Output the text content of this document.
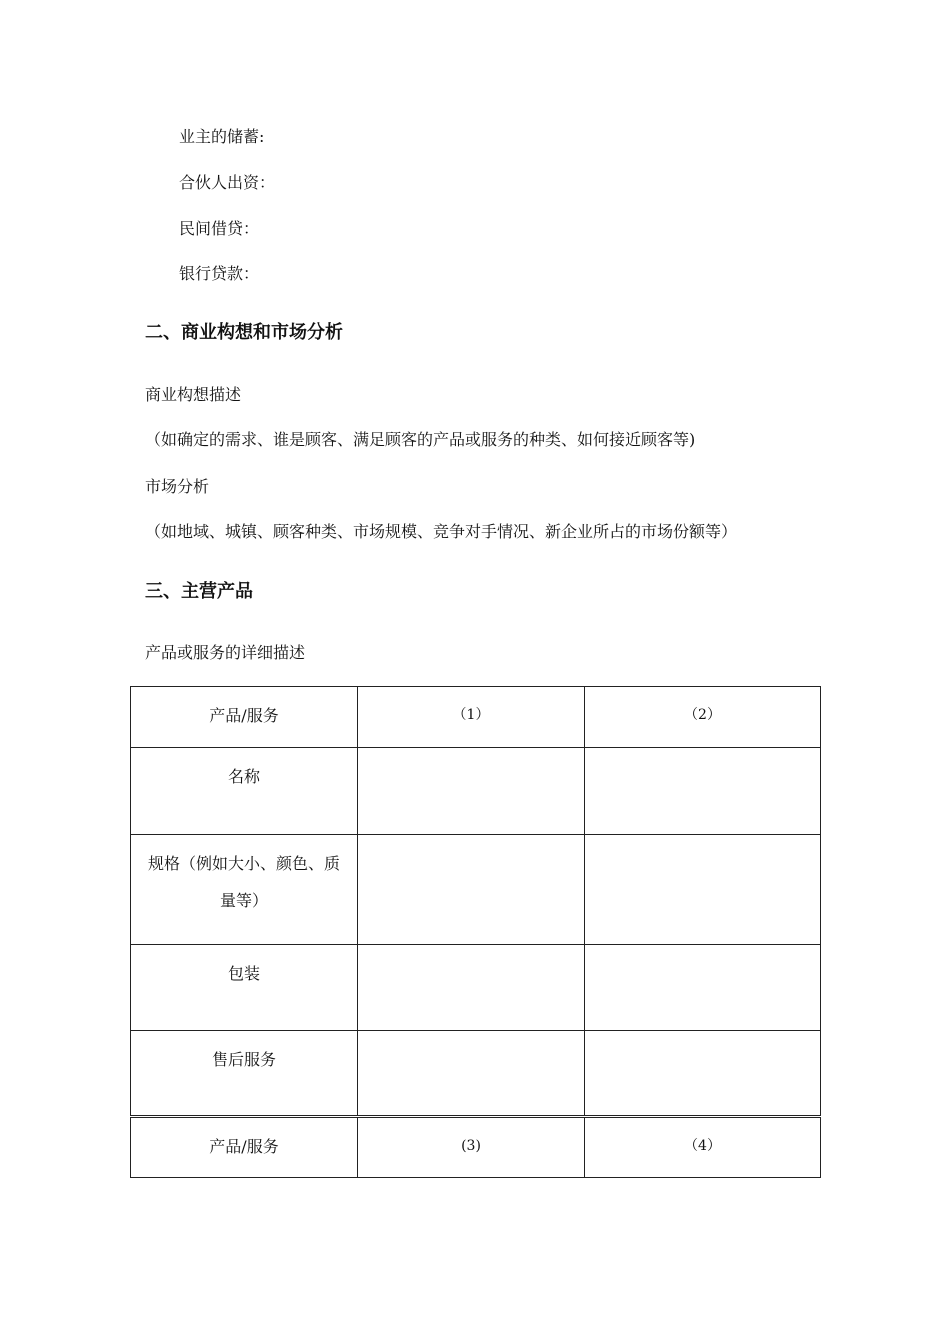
业主的储蓄:
合伙人出资：
民间借贷：
银行贷款：
二、商业构想和市场分析
商业构想描述
（如确定的需求、谁是顾客、满足顾客的产品或服务的种类、如何接近顾客等)
市场分析
（如地域、城镇、顾客种类、市场规模、竞争对手情况、新企业所占的市场份额等）
三、主营产品
产品或服务的详细描述
产品/服务	（1）	（2）
名称		
规格（例如大小、颜色、质量等）		
包装		
售后服务		
产品/服务	(3)	（4）
